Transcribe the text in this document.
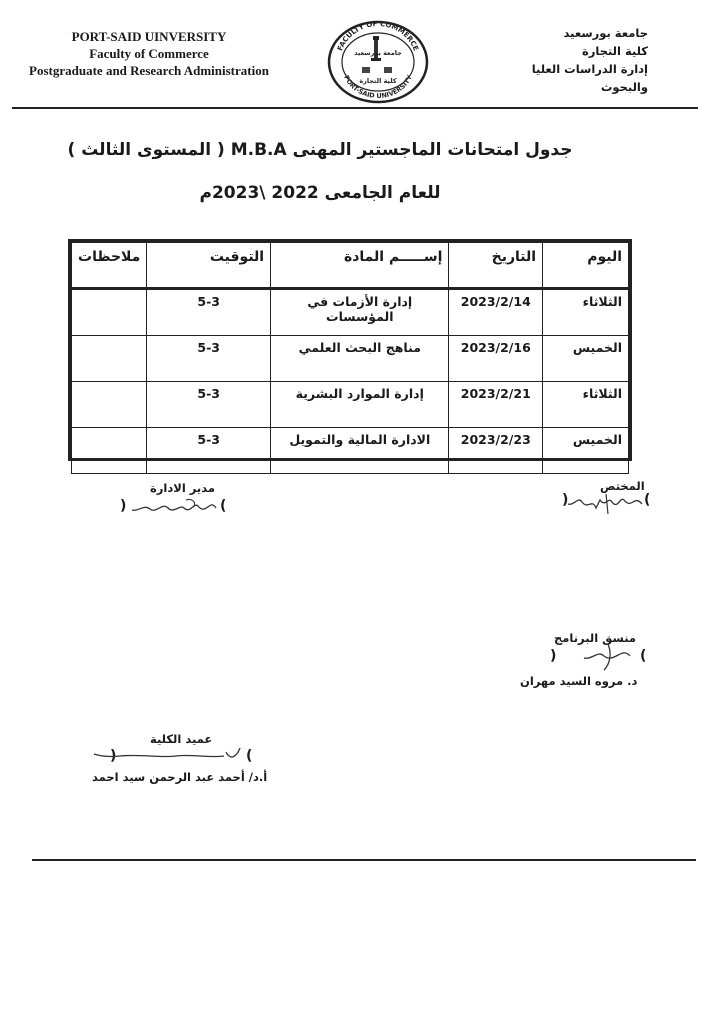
PORT-SAID UINVERSITY
Faculty of Commerce
Postgraduate and Research Administration
FACULTY OF COMMERCE
PORT-SAID UNIVERSITY
جامعة بورسعيد
كلية التجارة
جامعة بورسعيد
كلية التجارة
إدارة الدراسات العليا والبحوث
جدول امتحانات الماجستير المهنى M.B.A ( المستوى الثالث )
للعام الجامعى 2022 \2023م
اليوم	التاريخ	إســـــم المادة	التوقيت	ملاحظات
الثلاثاء	2023/2/14	إدارة الأزمات في المؤسسات	5-3	
الخميس	2023/2/16	مناهج البحث العلمي	5-3	
الثلاثاء	2023/2/21	إدارة الموارد البشرية	5-3	
الخميس	2023/2/23	الادارة المالية والتمويل	5-3	
المختص
(
)
مدير الادارة
(
)
منسق البرنامج
(
)
د. مروه السيد مهران
عميد الكلية
(
)
أ.د/ أحمد عبد الرحمن سيد احمد
